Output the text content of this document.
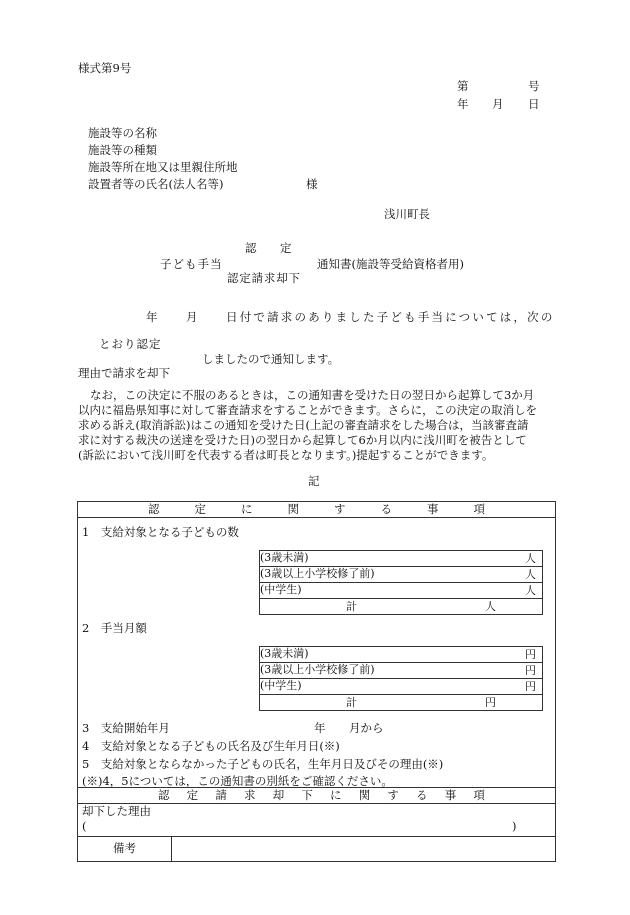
様式第9号
第	号
年 月 日
施設等の名称
施設等の種類
施設等所在地又は里親住所地
設置者等の氏名(法人名等)	様
浅川町長
認　定
子ども手当	通知書(施設等受給資格者用)
認定請求却下
年 月 日付で請求のありました子ども手当については，次の
とおり認定
しましたので通知します。
理由で請求を却下
なお，この決定に不服のあるときは，この通知書を受けた日の翌日から起算して3か月
以内に福島県知事に対して審査請求をすることができます。さらに，この決定の取消しを
求める訴え(取消訴訟)はこの通知を受けた日(上記の審査請求をした場合は，当該審査請
求に対する裁決の送達を受けた日)の翌日から起算して6か月以内に浅川町を被告として
(訴訟において浅川町を代表する者は町長となります。)提起することができます。
記
認	定	に	関	す	る	事	項

1　支給対象となる子どもの数
(3歳未満)	人

(3歳以上小学校修了前)	人

(中学生)	人

計	人
2　手当月額
(3歳未満)	円

(3歳以上小学校修了前)	円

(中学生)	円

計	円
3　支給開始年月	年 月から
4　支給対象となる子どもの氏名及び生年月日(※)
5　支給対象とならなかった子どもの氏名，生年月日及びその理由(※)
(※)4，5については，この通知書の別紙をご確認ください。

認 定 請 求 却 下 に 関 す る 事 項

却下した理由
(	)

備考	
